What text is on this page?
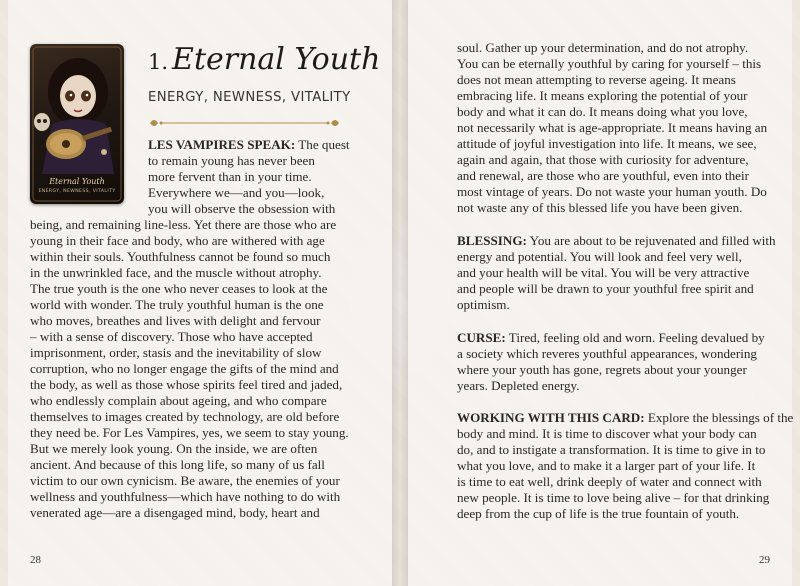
Eternal Youth
ENERGY, NEWNESS, VITALITY
1. Eternal Youth
ENERGY, NEWNESS, VITALITY
LES VAMPIRES SPEAK: The quest
to remain young has never been
more fervent than in your time.
Everywhere we—and you—look,
you will observe the obsession with
being, and remaining line-less. Yet there are those who are
young in their face and body, who are withered with age
within their souls. Youthfulness cannot be found so much
in the unwrinkled face, and the muscle without atrophy.
The true youth is the one who never ceases to look at the
world with wonder. The truly youthful human is the one
who moves, breathes and lives with delight and fervour
– with a sense of discovery. Those who have accepted
imprisonment, order, stasis and the inevitability of slow
corruption, who no longer engage the gifts of the mind and
the body, as well as those whose spirits feel tired and jaded,
who endlessly complain about ageing, and who compare
themselves to images created by technology, are old before
they need be. For Les Vampires, yes, we seem to stay young.
But we merely look young. On the inside, we are often
ancient. And because of this long life, so many of us fall
victim to our own cynicism. Be aware, the enemies of your
wellness and youthfulness—which have nothing to do with
venerated age—are a disengaged mind, body, heart and
28
soul. Gather up your determination, and do not atrophy.
You can be eternally youthful by caring for yourself – this
does not mean attempting to reverse ageing. It means
embracing life. It means exploring the potential of your
body and what it can do. It means doing what you love,
not necessarily what is age-appropriate. It means having an
attitude of joyful investigation into life. It means, we see,
again and again, that those with curiosity for adventure,
and renewal, are those who are youthful, even into their
most vintage of years. Do not waste your human youth. Do
not waste any of this blessed life you have been given.
BLESSING: You are about to be rejuvenated and filled with
energy and potential. You will look and feel very well,
and your health will be vital. You will be very attractive
and people will be drawn to your youthful free spirit and
optimism.
CURSE: Tired, feeling old and worn. Feeling devalued by
a society which reveres youthful appearances, wondering
where your youth has gone, regrets about your younger
years. Depleted energy.
WORKING WITH THIS CARD: Explore the blessings of the
body and mind. It is time to discover what your body can
do, and to instigate a transformation. It is time to give in to
what you love, and to make it a larger part of your life. It
is time to eat well, drink deeply of water and connect with
new people. It is time to love being alive – for that drinking
deep from the cup of life is the true fountain of youth.
29
